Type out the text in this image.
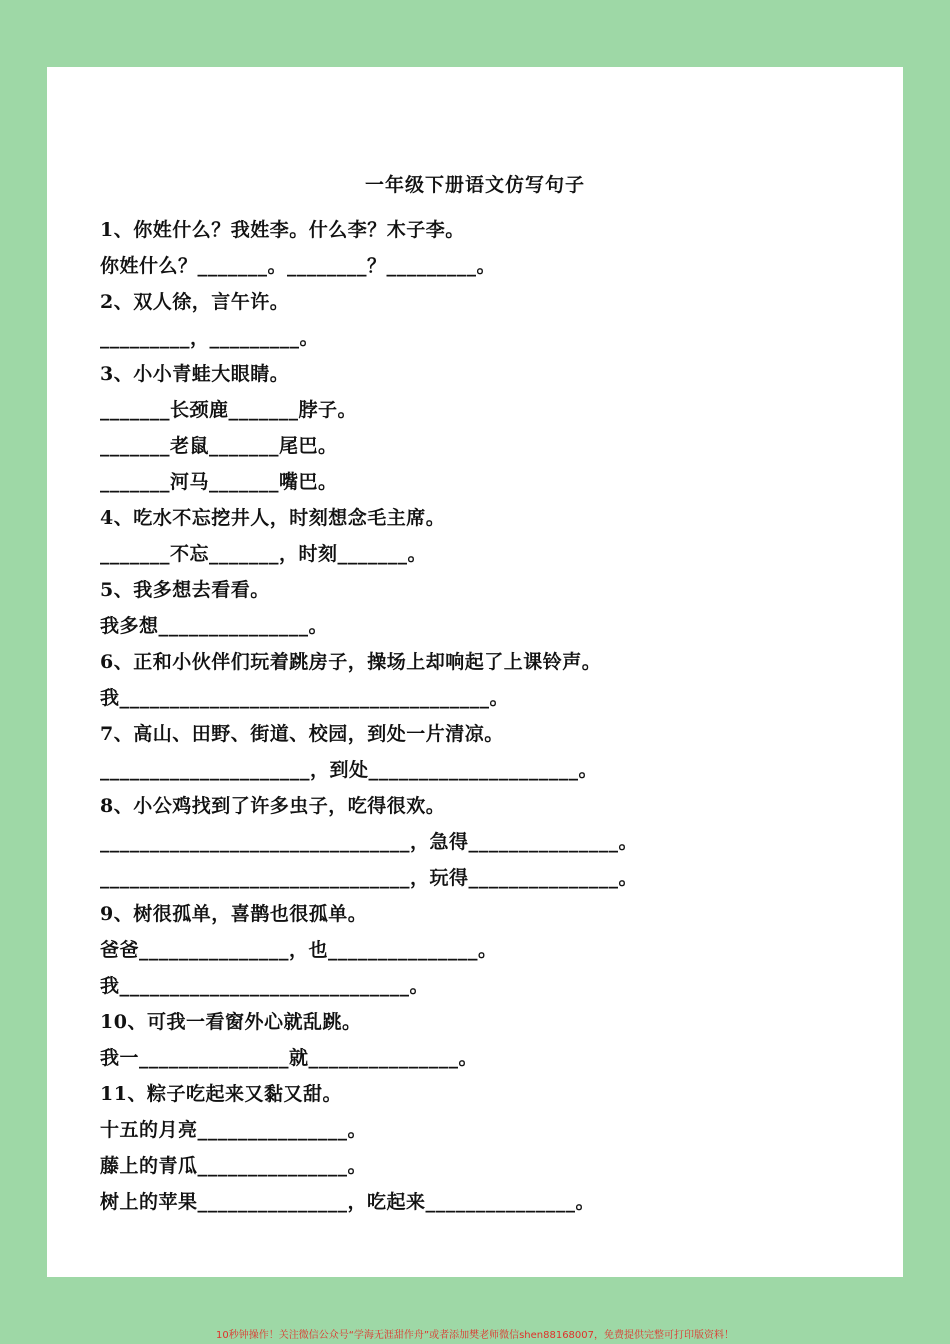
一年级下册语文仿写句子
1、你姓什么？我姓李。什么李？木子李。
你姓什么？_______。________？_________。
2、双人徐，言午许。
_________，_________。
3、小小青蛙大眼睛。
_______长颈鹿_______脖子。
_______老鼠_______尾巴。
_______河马_______嘴巴。
4、吃水不忘挖井人，时刻想念毛主席。
_______不忘_______，时刻_______。
5、我多想去看看。
我多想_______________。
6、正和小伙伴们玩着跳房子，操场上却响起了上课铃声。
我_____________________________________。
7、高山、田野、街道、校园，到处一片清凉。
_____________________，到处_____________________。
8、小公鸡找到了许多虫子，吃得很欢。
_______________________________，急得_______________。
_______________________________，玩得_______________。
9、树很孤单，喜鹊也很孤单。
爸爸_______________，也_______________。
我_____________________________。
10、可我一看窗外心就乱跳。
我一_______________就_______________。
11、粽子吃起来又黏又甜。
十五的月亮_______________。
藤上的青瓜_______________。
树上的苹果_______________，吃起来_______________。
10秒钟操作！关注微信公众号“学海无涯甜作舟”或者添加樊老师微信shen88168007，免费提供完整可打印版资料！
